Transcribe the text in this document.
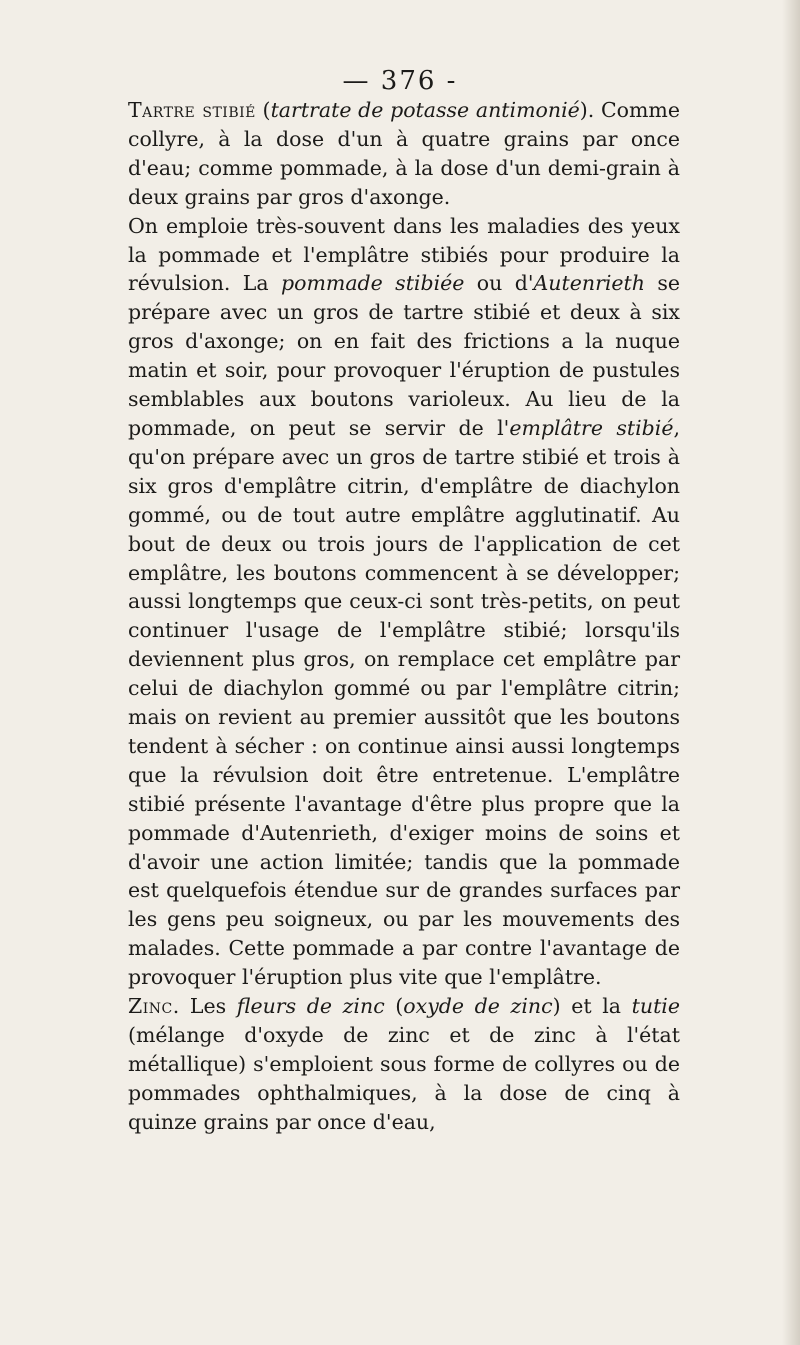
— 376 -

Tartre stibié (tartrate de potasse antimonié). Comme collyre, à la dose d'un à quatre grains par once d'eau; comme pommade, à la dose d'un demi-grain à deux grains par gros d'axonge.

On emploie très-souvent dans les maladies des yeux la pommade et l'emplâtre stibiés pour produire la révulsion. La pommade stibiée ou d'Autenrieth se prépare avec un gros de tartre stibié et deux à six gros d'axonge; on en fait des frictions a la nuque matin et soir, pour provoquer l'éruption de pustules semblables aux boutons varioleux. Au lieu de la pommade, on peut se servir de l'emplâtre stibié, qu'on prépare avec un gros de tartre stibié et trois à six gros d'emplâtre citrin, d'emplâtre de diachylon gommé, ou de tout autre emplâtre agglutinatif. Au bout de deux ou trois jours de l'application de cet emplâtre, les boutons commencent à se développer; aussi longtemps que ceux-ci sont très-petits, on peut continuer l'usage de l'emplâtre stibié; lorsqu'ils deviennent plus gros, on remplace cet emplâtre par celui de diachylon gommé ou par l'emplâtre citrin; mais on revient au premier aussitôt que les boutons tendent à sécher : on continue ainsi aussi longtemps que la révulsion doit être entretenue. L'emplâtre stibié présente l'avantage d'être plus propre que la pommade d'Autenrieth, d'exiger moins de soins et d'avoir une action limitée; tandis que la pommade est quelquefois étendue sur de grandes surfaces par les gens peu soigneux, ou par les mouvements des malades. Cette pommade a par contre l'avantage de provoquer l'éruption plus vite que l'emplâtre.

Zinc. Les fleurs de zinc (oxyde de zinc) et la tutie (mélange d'oxyde de zinc et de zinc à l'état métallique) s'emploient sous forme de collyres ou de pommades ophthalmiques, à la dose de cinq à quinze grains par once d'eau,
